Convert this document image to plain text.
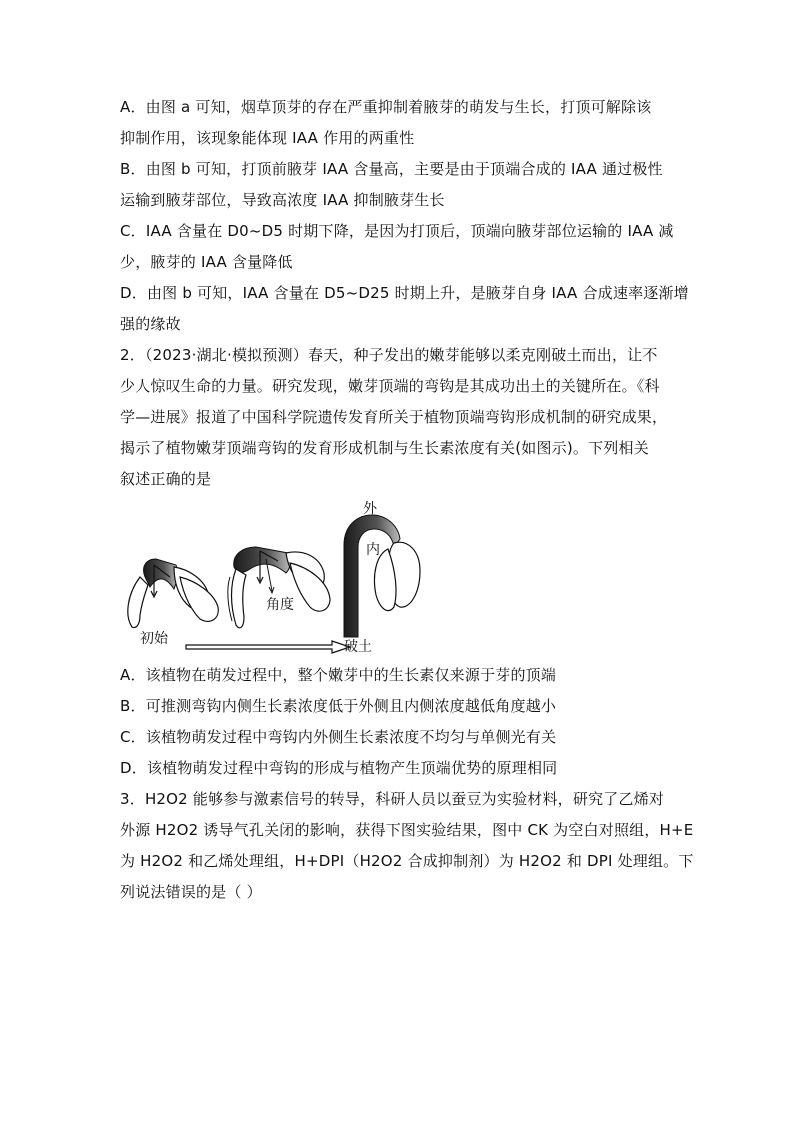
A．由图 a 可知，烟草顶芽的存在严重抑制着腋芽的萌发与生长，打顶可解除该
抑制作用，该现象能体现 IAA 作用的两重性
B．由图 b 可知，打顶前腋芽 IAA 含量高，主要是由于顶端合成的 IAA 通过极性
运输到腋芽部位，导致高浓度 IAA 抑制腋芽生长
C．IAA 含量在 D0~D5 时期下降，是因为打顶后，顶端向腋芽部位运输的 IAA 减
少，腋芽的 IAA 含量降低
D．由图 b 可知，IAA 含量在 D5~D25 时期上升，是腋芽自身 IAA 合成速率逐渐增
强的缘故
2．（2023·湖北·模拟预测）春天，种子发出的嫩芽能够以柔克刚破土而出，让不
少人惊叹生命的力量。研究发现，嫩芽顶端的弯钩是其成功出土的关键所在。《科
学—进展》报道了中国科学院遗传发育所关于植物顶端弯钩形成机制的研究成果，
揭示了植物嫩芽顶端弯钩的发育形成机制与生长素浓度有关(如图示)。下列相关
叙述正确的是
初始
角度
外
内
破土
A．该植物在萌发过程中，整个嫩芽中的生长素仅来源于芽的顶端
B．可推测弯钩内侧生长素浓度低于外侧且内侧浓度越低角度越小
C．该植物萌发过程中弯钩内外侧生长素浓度不均匀与单侧光有关
D．该植物萌发过程中弯钩的形成与植物产生顶端优势的原理相同
3．H2O2 能够参与激素信号的转导，科研人员以蚕豆为实验材料，研究了乙烯对
外源 H2O2 诱导气孔关闭的影响，获得下图实验结果，图中 CK 为空白对照组，H+E
为 H2O2 和乙烯处理组，H+DPI（H2O2 合成抑制剂）为 H2O2 和 DPI 处理组。下
列说法错误的是（ ）
